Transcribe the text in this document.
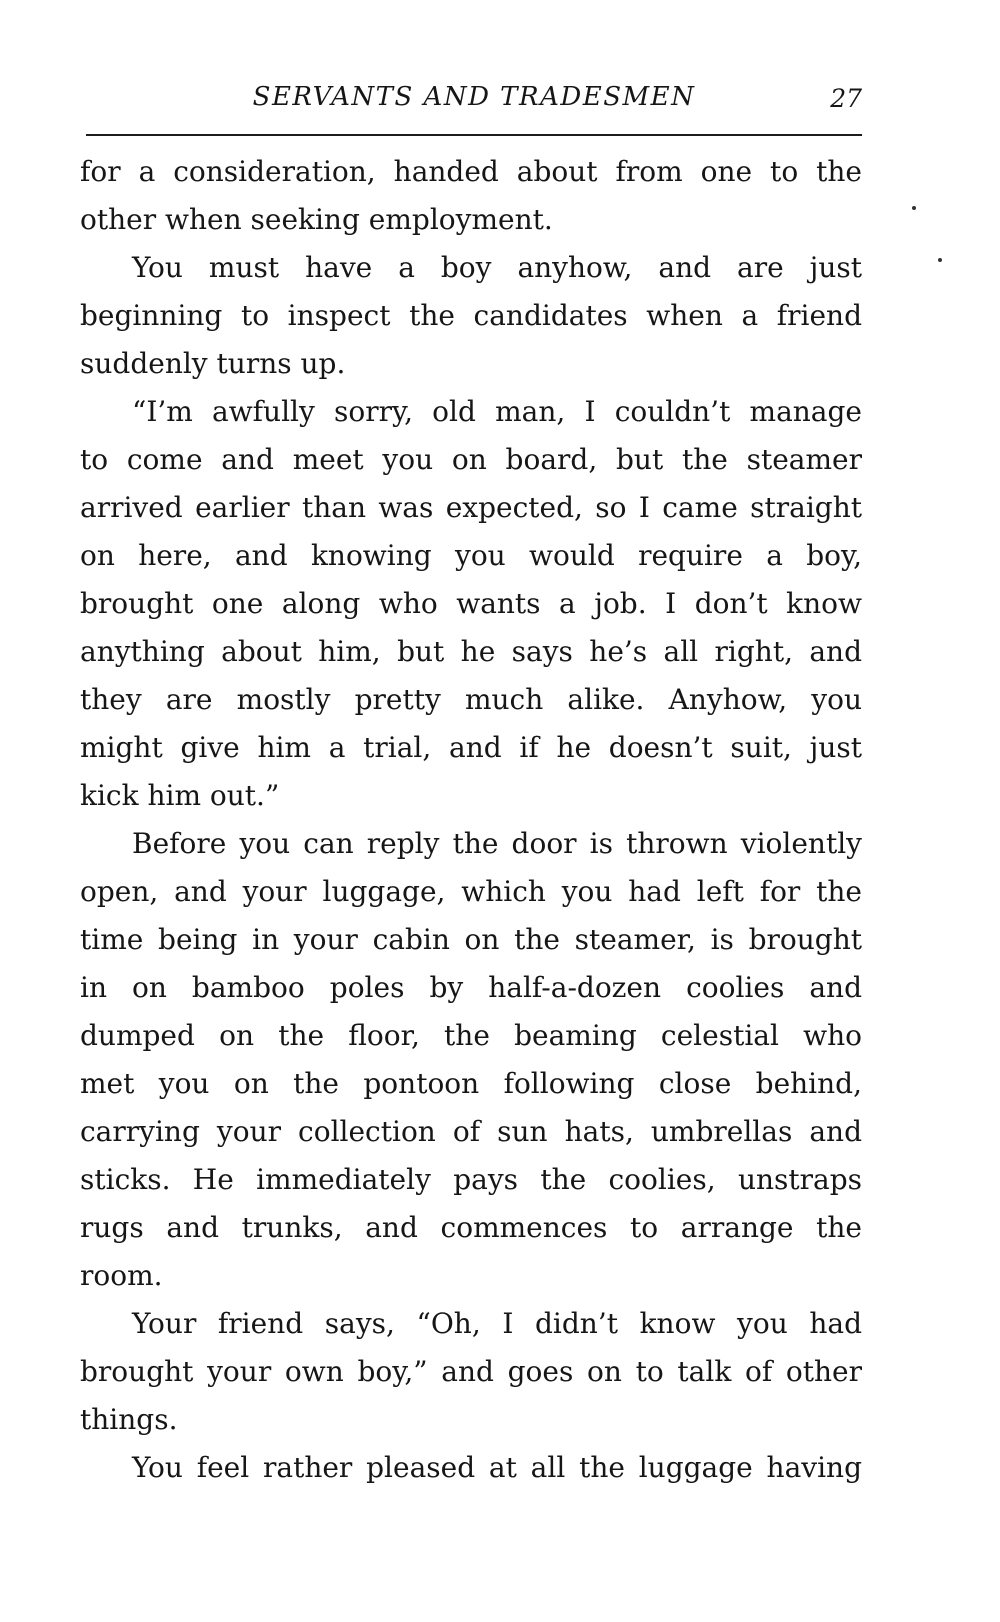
SERVANTS AND TRADESMEN	27
for a consideration, handed about from one to the
other when seeking employment.
You must have a boy anyhow, and are just
beginning to inspect the candidates when a friend
suddenly turns up.
“I’m awfully sorry, old man, I couldn’t manage
to come and meet you on board, but the steamer
arrived earlier than was expected, so I came straight
on here, and knowing you would require a boy,
brought one along who wants a job. I don’t know
anything about him, but he says he’s all right, and
they are mostly pretty much alike. Anyhow, you
might give him a trial, and if he doesn’t suit, just
kick him out.”
Before you can reply the door is thrown violently
open, and your luggage, which you had left for the
time being in your cabin on the steamer, is brought
in on bamboo poles by half-a-dozen coolies and
dumped on the floor, the beaming celestial who
met you on the pontoon following close behind,
carrying your collection of sun hats, umbrellas and
sticks. He immediately pays the coolies, unstraps
rugs and trunks, and commences to arrange the
room.
Your friend says, “Oh, I didn’t know you had
brought your own boy,” and goes on to talk of other
things.
You feel rather pleased at all the luggage having
